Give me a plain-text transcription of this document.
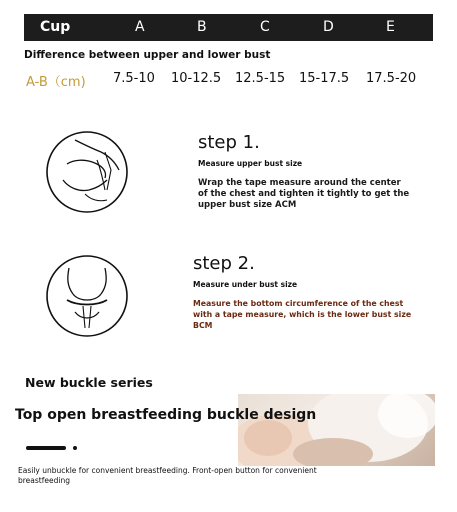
Cup	A	B	C	D	E
Difference between upper and lower bust
A-B（cm) 7.5-10 10-12.5 12.5-15 15-17.5 17.5-20
step 1.
Measure upper bust size
Wrap the tape measure around the center of the chest and tighten it tightly to get the upper bust size ACM
step 2.
Measure under bust size
Measure the bottom circumference of the chest with a tape measure, which is the lower bust size BCM
New buckle series
Top open breastfeeding buckle design
Easily unbuckle for convenient breastfeeding. Front-open button for convenient breastfeeding
